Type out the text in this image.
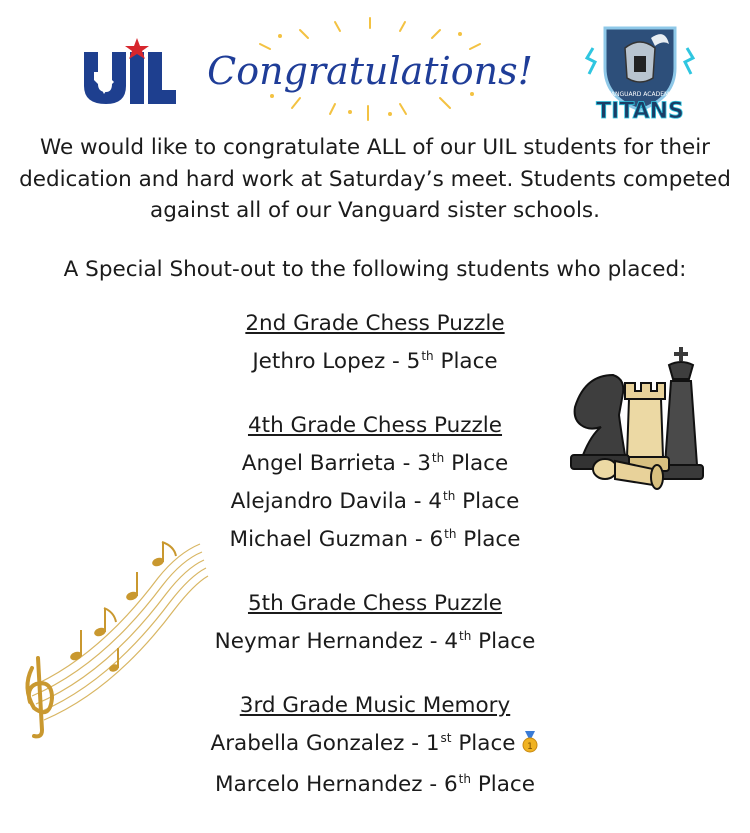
Congratulations!
VANGUARD ACADEMY
TITANS
We would like to congratulate ALL of our UIL students for their
dedication and hard work at Saturday’s meet. Students competed
against all of our Vanguard sister schools.
A Special Shout-out to the following students who placed:
2nd Grade Chess Puzzle
Jethro Lopez - 5th Place
4th Grade Chess Puzzle
Angel Barrieta - 3th Place
Alejandro Davila - 4th Place
Michael Guzman - 6th Place
5th Grade Chess Puzzle
Neymar Hernandez - 4th Place
3rd Grade Music Memory
Arabella Gonzalez - 1st Place 1
Marcelo Hernandez - 6th Place
